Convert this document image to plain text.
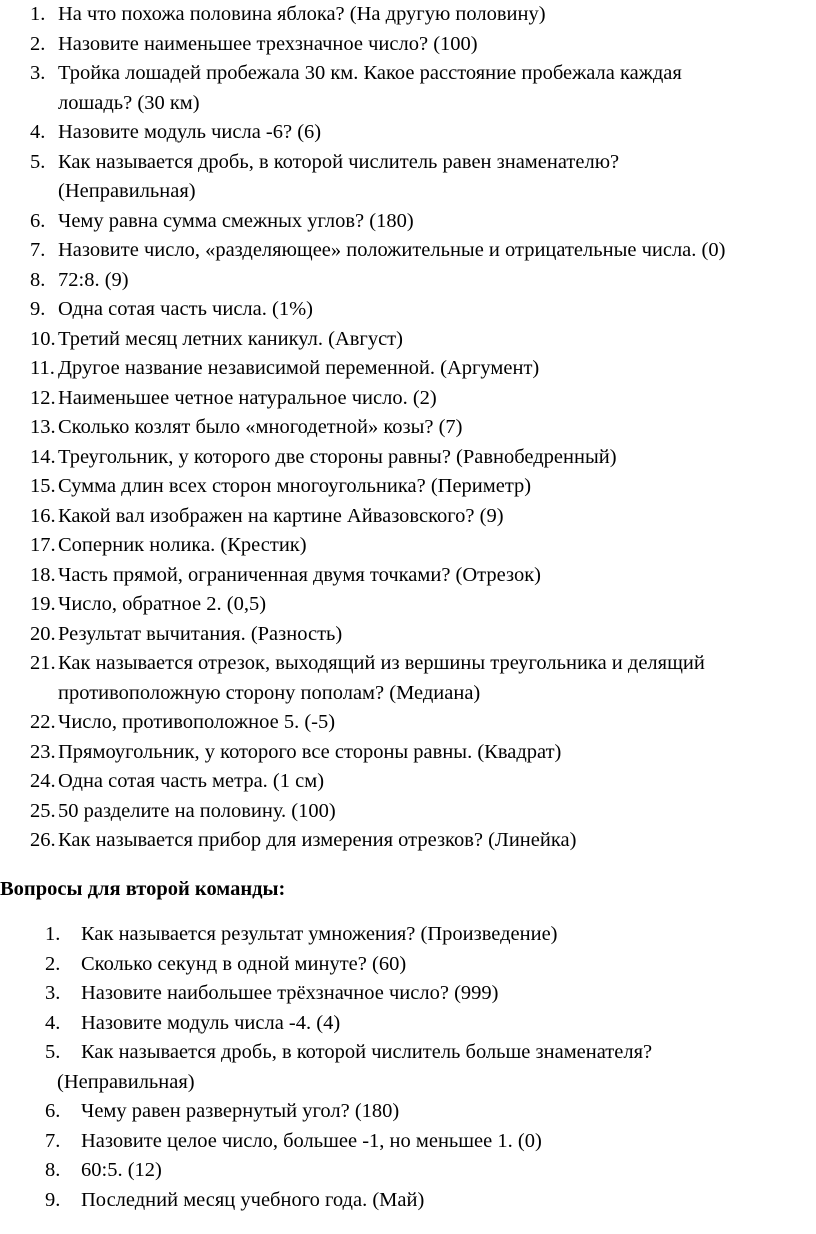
1. На что похожа половина яблока? (На другую половину)
2. Назовите наименьшее трехзначное число? (100)
3. Тройка лошадей пробежала 30 км. Какое расстояние пробежала каждая
лошадь? (30 км)
4. Назовите модуль числа -6? (6)
5. Как называется дробь, в которой числитель равен знаменателю?
(Неправильная)
6. Чему равна сумма смежных углов? (180)
7. Назовите число, «разделяющее» положительные и отрицательные числа. (0)
8. 72:8. (9)
9. Одна сотая часть числа. (1%)
10. Третий месяц летних каникул. (Август)
11. Другое название независимой переменной. (Аргумент)
12. Наименьшее четное натуральное число. (2)
13. Сколько козлят было «многодетной» козы? (7)
14. Треугольник, у которого две стороны равны? (Равнобедренный)
15. Сумма длин всех сторон многоугольника? (Периметр)
16. Какой вал изображен на картине Айвазовского? (9)
17. Соперник нолика. (Крестик)
18. Часть прямой, ограниченная двумя точками? (Отрезок)
19. Число, обратное 2. (0,5)
20. Результат вычитания. (Разность)
21. Как называется отрезок, выходящий из вершины треугольника и делящий
противоположную сторону пополам? (Медиана)
22. Число, противоположное 5. (-5)
23. Прямоугольник, у которого все стороны равны. (Квадрат)
24. Одна сотая часть метра. (1 см)
25. 50 разделите на половину. (100)
26. Как называется прибор для измерения отрезков? (Линейка)
Вопросы для второй команды:
1. Как называется результат умножения? (Произведение)
2. Сколько секунд в одной минуте? (60)
3. Назовите наибольшее трёхзначное число? (999)
4. Назовите модуль числа -4. (4)
5. Как называется дробь, в которой числитель больше знаменателя?
(Неправильная)
6. Чему равен развернутый угол? (180)
7. Назовите целое число, большее -1, но меньшее 1. (0)
8. 60:5. (12)
9. Последний месяц учебного года. (Май)
